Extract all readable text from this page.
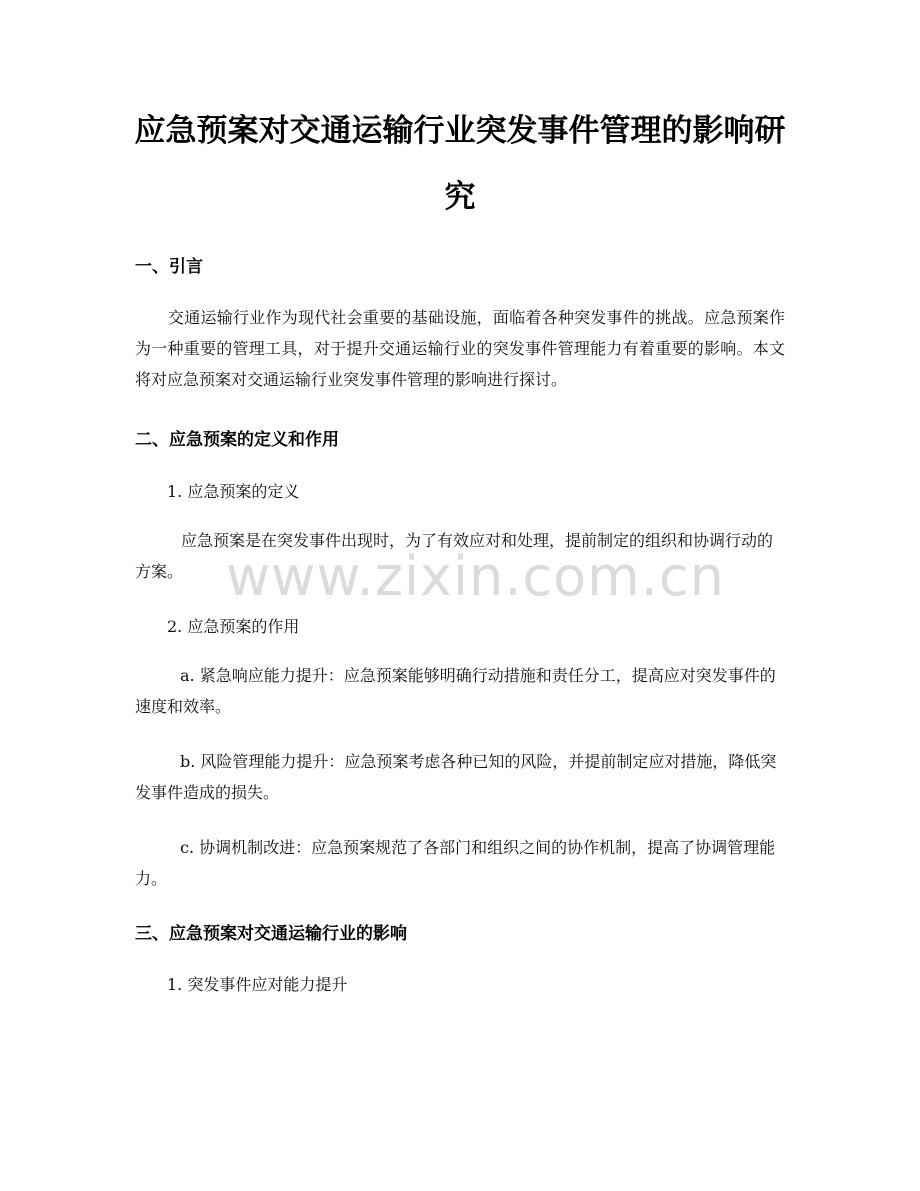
应急预案对交通运输行业突发事件管理的影响研究
一、引言

交通运输行业作为现代社会重要的基础设施，面临着各种突发事件的挑战。应急预案作为一种重要的管理工具，对于提升交通运输行业的突发事件管理能力有着重要的影响。本文将对应急预案对交通运输行业突发事件管理的影响进行探讨。

二、应急预案的定义和作用

1. 应急预案的定义

应急预案是在突发事件出现时，为了有效应对和处理，提前制定的组织和协调行动的方案。

2. 应急预案的作用

a. 紧急响应能力提升：应急预案能够明确行动措施和责任分工，提高应对突发事件的速度和效率。

b. 风险管理能力提升：应急预案考虑各种已知的风险，并提前制定应对措施，降低突发事件造成的损失。

c. 协调机制改进：应急预案规范了各部门和组织之间的协作机制，提高了协调管理能力。

三、应急预案对交通运输行业的影响

1. 突发事件应对能力提升

www.zixin.com.cn
